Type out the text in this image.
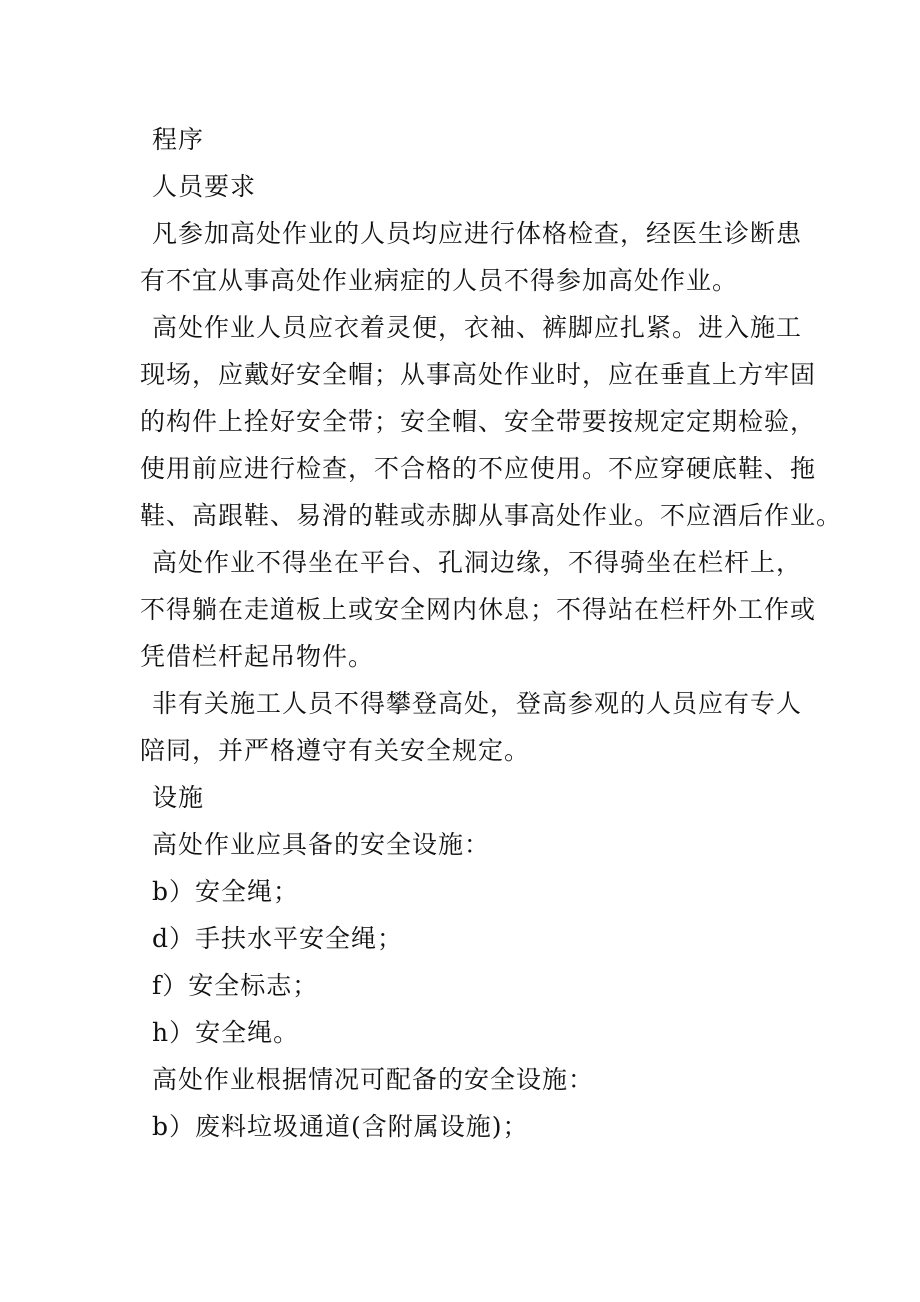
程序
人员要求
凡参加高处作业的人员均应进行体格检查，经医生诊断患
有不宜从事高处作业病症的人员不得参加高处作业。
高处作业人员应衣着灵便，衣袖、裤脚应扎紧。进入施工
现场，应戴好安全帽；从事高处作业时，应在垂直上方牢固
的构件上拴好安全带；安全帽、安全带要按规定定期检验，
使用前应进行检查，不合格的不应使用。不应穿硬底鞋、拖
鞋、高跟鞋、易滑的鞋或赤脚从事高处作业。不应酒后作业。
高处作业不得坐在平台、孔洞边缘，不得骑坐在栏杆上，
不得躺在走道板上或安全网内休息；不得站在栏杆外工作或
凭借栏杆起吊物件。
非有关施工人员不得攀登高处，登高参观的人员应有专人
陪同，并严格遵守有关安全规定。
设施
高处作业应具备的安全设施：
b）安全绳；
d）手扶水平安全绳；
f）安全标志；
h）安全绳。
高处作业根据情况可配备的安全设施：
b）废料垃圾通道(含附属设施)；
